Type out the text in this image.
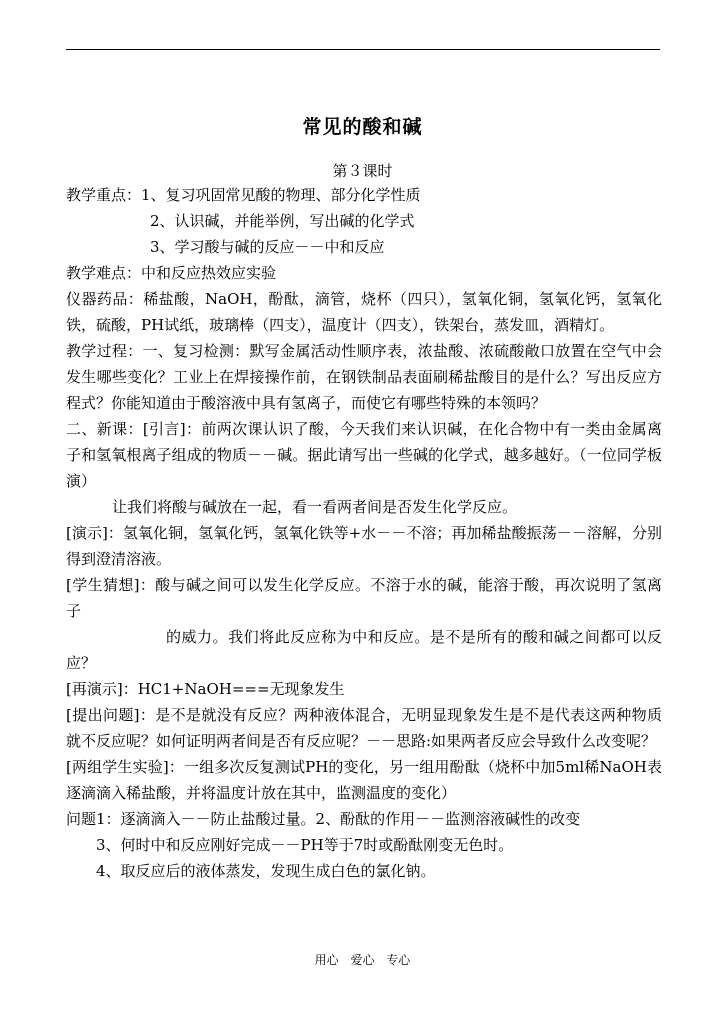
常见的酸和碱
第３课时

教学重点：1、复习巩固常见酸的物理、部分化学性质

2、认识碱，并能举例，写出碱的化学式

3、学习酸与碱的反应－－中和反应

教学难点：中和反应热效应实验

仪器药品：稀盐酸，NaOH，酚酞，滴管，烧杯（四只），氢氧化铜，氢氧化钙，氢氧化铁，硫酸，PH试纸，玻璃棒（四支），温度计（四支），铁架台，蒸发皿，酒精灯。

教学过程：一、复习检测：默写金属活动性顺序表，浓盐酸、浓硫酸敞口放置在空气中会发生哪些变化？工业上在焊接操作前，在钢铁制品表面刷稀盐酸目的是什么？写出反应方程式？你能知道由于酸溶液中具有氢离子，而使它有哪些特殊的本领吗？

二、新课：[引言]：前两次课认识了酸，今天我们来认识碱，在化合物中有一类由金属离子和氢氧根离子组成的物质－－碱。据此请写出一些碱的化学式，越多越好。（一位同学板演）

让我们将酸与碱放在一起，看一看两者间是否发生化学反应。

[演示]：氢氧化铜，氢氧化钙，氢氧化铁等+水－－不溶；再加稀盐酸振荡－－溶解，分别得到澄清溶液。

[学生猜想]：酸与碱之间可以发生化学反应。不溶于水的碱，能溶于酸，再次说明了氢离子

的威力。我们将此反应称为中和反应。是不是所有的酸和碱之间都可以反应？

[再演示]：HC1+NaOH===无现象发生

[提出问题]：是不是就没有反应？两种液体混合，无明显现象发生是不是代表这两种物质就不反应呢？如何证明两者间是否有反应呢？－－思路:如果两者反应会导致什么改变呢？

[两组学生实验]：一组多次反复测试PH的变化，另一组用酚酞（烧杯中加5ml稀NaOH表逐滴滴入稀盐酸，并将温度计放在其中，监测温度的变化）

问题1：逐滴滴入－－防止盐酸过量。2、酚酞的作用－－监测溶液碱性的改变

3、何时中和反应刚好完成－－PH等于7时或酚酞刚变无色时。

4、取反应后的液体蒸发，发现生成白色的氯化钠。

用心 爱心 专心
